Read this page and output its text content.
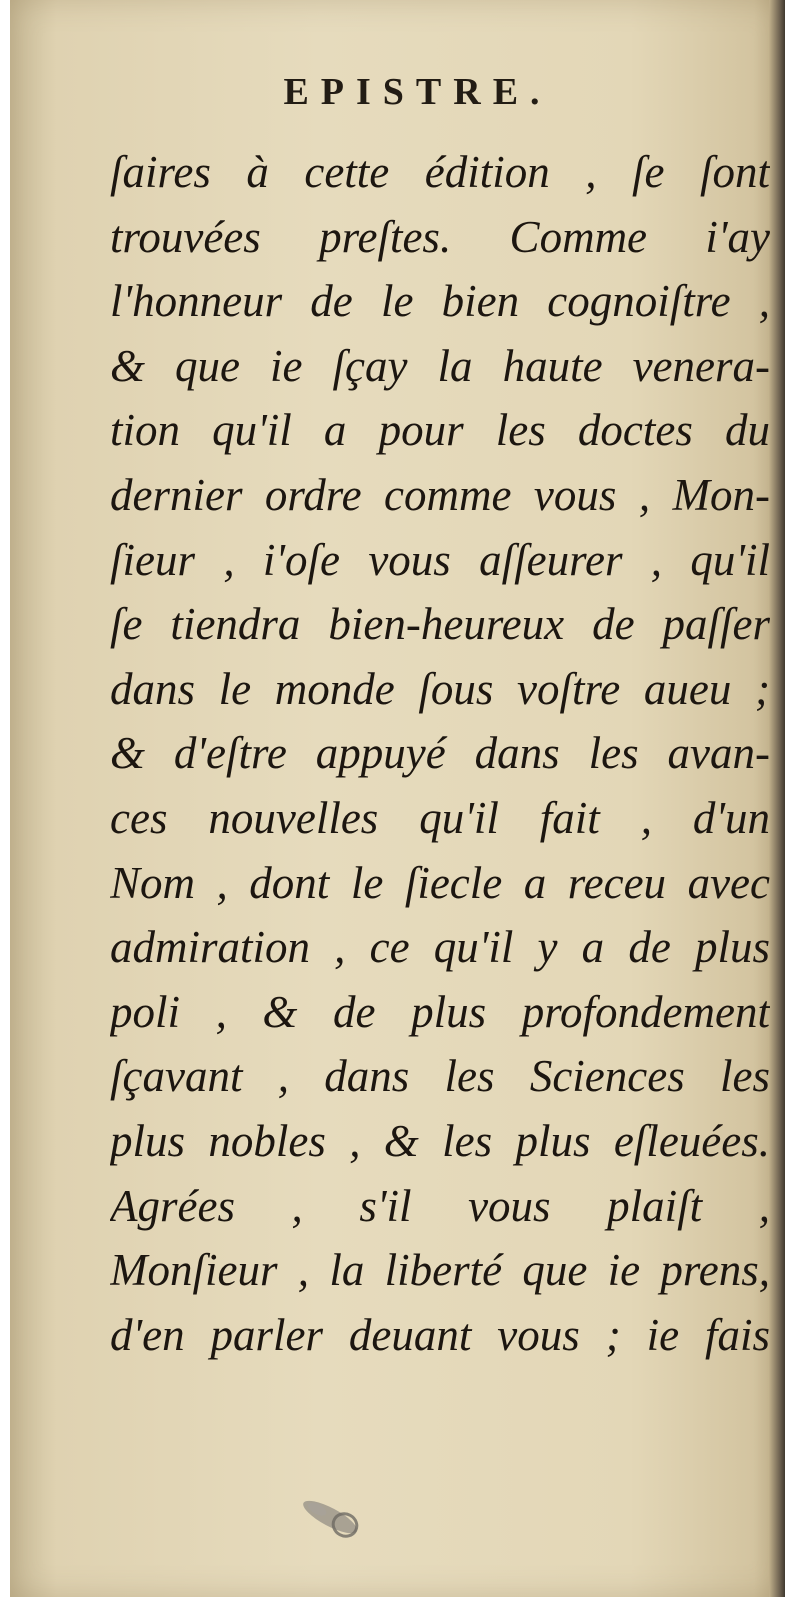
EPISTRE.
ſaires à cette édition , ſe ſont
trouvées preſtes. Comme i'ay
l'honneur de le bien cognoiſtre ,
& que ie ſçay la haute venera-
tion qu'il a pour les doctes du
dernier ordre comme vous , Mon-
ſieur , i'oſe vous aſſeurer , qu'il
ſe tiendra bien-heureux de paſſer
dans le monde ſous voſtre aueu ;
& d'eſtre appuyé dans les avan-
ces nouvelles qu'il fait , d'un
Nom , dont le ſiecle a receu avec
admiration , ce qu'il y a de plus
poli , & de plus profondement
ſçavant , dans les Sciences les
plus nobles , & les plus eſleuées.
Agrées , s'il vous plaiſt ,
Monſieur , la liberté que ie prens,
d'en parler deuant vous ; ie fais
